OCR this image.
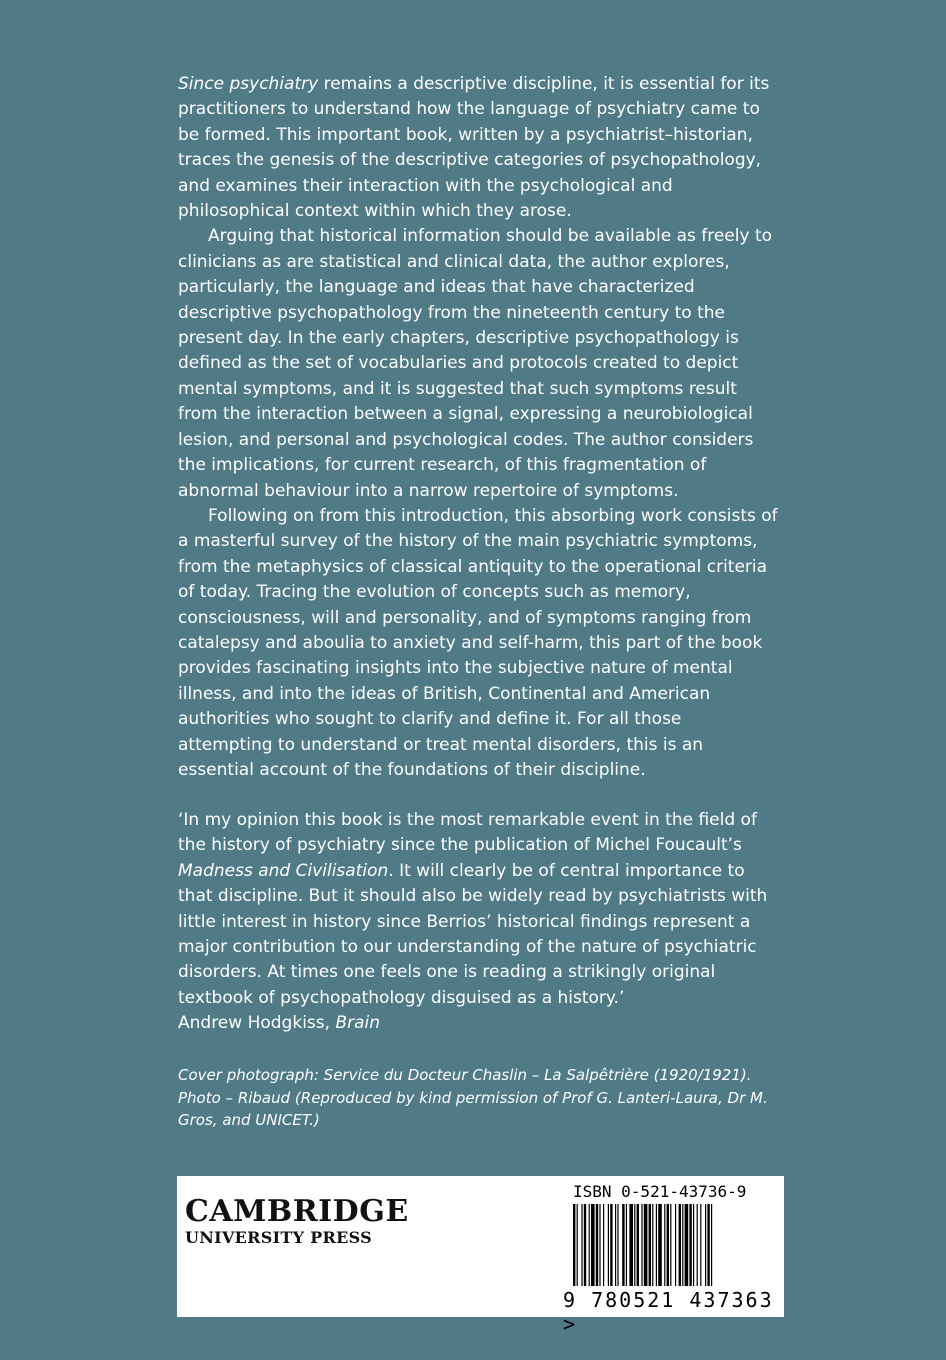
Since psychiatry remains a descriptive discipline, it is essential for its practitioners to understand how the language of psychiatry came to be formed. This important book, written by a psychiatrist–historian, traces the genesis of the descriptive categories of psychopathology, and examines their interaction with the psychological and philosophical context within which they arose.

Arguing that historical information should be available as freely to clinicians as are statistical and clinical data, the author explores, particularly, the language and ideas that have characterized descriptive psychopathology from the nineteenth century to the present day. In the early chapters, descriptive psychopathology is defined as the set of vocabularies and protocols created to depict mental symptoms, and it is suggested that such symptoms result from the interaction between a signal, expressing a neurobiological lesion, and personal and psychological codes. The author considers the implications, for current research, of this fragmentation of abnormal behaviour into a narrow repertoire of symptoms.

Following on from this introduction, this absorbing work consists of a masterful survey of the history of the main psychiatric symptoms, from the metaphysics of classical antiquity to the operational criteria of today. Tracing the evolution of concepts such as memory, consciousness, will and personality, and of symptoms ranging from catalepsy and aboulia to anxiety and self-harm, this part of the book provides fascinating insights into the subjective nature of mental illness, and into the ideas of British, Continental and American authorities who sought to clarify and define it. For all those attempting to understand or treat mental disorders, this is an essential account of the foundations of their discipline.

‘In my opinion this book is the most remarkable event in the field of the history of psychiatry since the publication of Michel Foucault’s Madness and Civilisation. It will clearly be of central importance to that discipline. But it should also be widely read by psychiatrists with little interest in history since Berrios’ historical findings represent a major contribution to our understanding of the nature of psychiatric disorders. At times one feels one is reading a strikingly original textbook of psychopathology disguised as a history.’
Andrew Hodgkiss, Brain
Cover photograph: Service du Docteur Chaslin – La Salpêtrière (1920/1921). Photo – Ribaud (Reproduced by kind permission of Prof G. Lanteri-Laura, Dr M. Gros, and UNICET.)
CAMBRIDGE
UNIVERSITY PRESS
ISBN 0-521-43736-9
9 780521 437363 >
